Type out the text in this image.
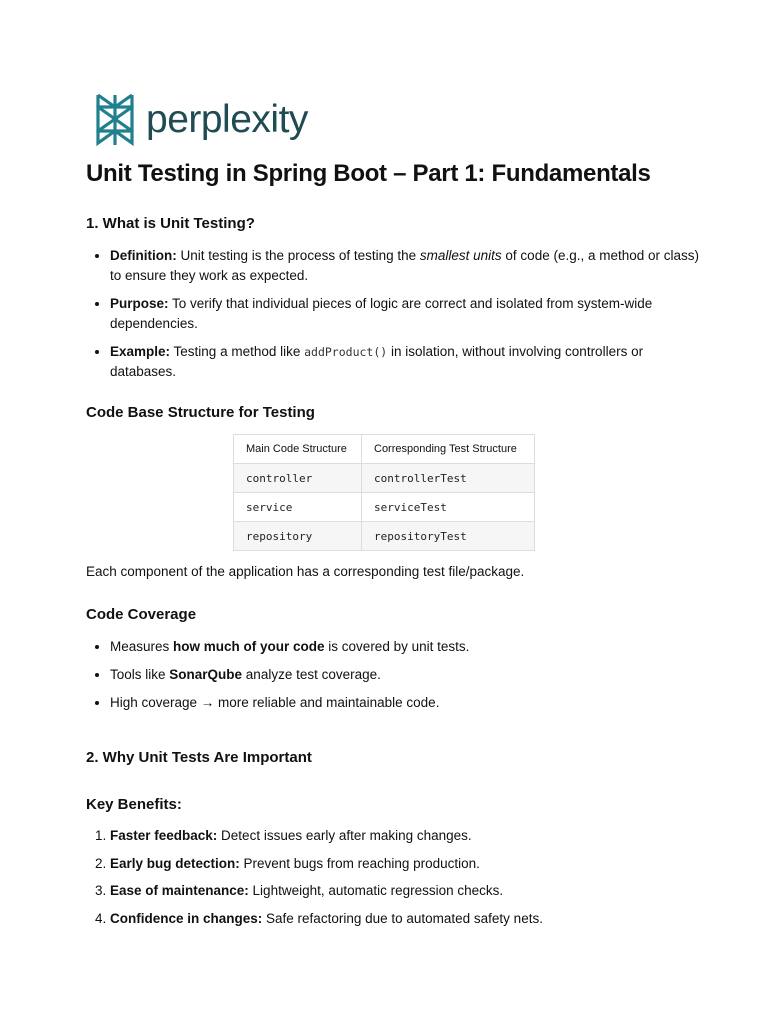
perplexity
Unit Testing in Spring Boot – Part 1: Fundamentals
1. What is Unit Testing?
• Definition: Unit testing is the process of testing the smallest units of code (e.g., a method or class) to ensure they work as expected.
• Purpose: To verify that individual pieces of logic are correct and isolated from system-wide dependencies.
• Example: Testing a method like addProduct() in isolation, without involving controllers or databases.
Code Base Structure for Testing
Main Code Structure	Corresponding Test Structure
controller	controllerTest
service	serviceTest
repository	repositoryTest

Each component of the application has a corresponding test file/package.

Code Coverage
• Measures how much of your code is covered by unit tests.
• Tools like SonarQube analyze test coverage.
• High coverage → more reliable and maintainable code.
2. Why Unit Tests Are Important
Key Benefits:
1. Faster feedback: Detect issues early after making changes.
2. Early bug detection: Prevent bugs from reaching production.
3. Ease of maintenance: Lightweight, automatic regression checks.
4. Confidence in changes: Safe refactoring due to automated safety nets.
